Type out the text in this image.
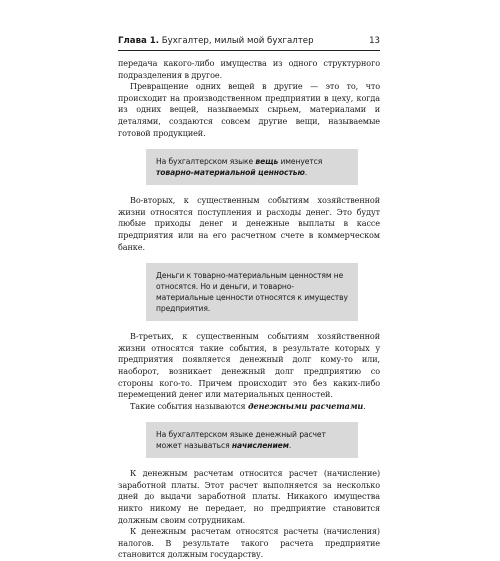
Глава 1. Бухгалтер, милый мой бухгалтер	13

передача какого-либо имущества из одного структурного подразделения в другое.

Превращение одних вещей в другие — это то, что происходит на производственном предприятии в цеху, когда из одних вещей, называемых сырьем, материалами и деталями, создаются совсем другие вещи, называемые готовой продукцией.

На бухгалтерском языке вещь именуется товарно-материальной ценностью.

Во-вторых, к существенным событиям хозяйственной жизни относятся поступления и расходы денег. Это будут любые приходы денег и денежные выплаты в кассе предприятия или на его расчетном счете в коммерческом банке.

Деньги к товарно-материальным ценностям не относятся. Но и деньги, и товарно-материальные ценности относятся к имуществу предприятия.

В-третьих, к существенным событиям хозяйственной жизни относятся такие события, в результате которых у предприятия появляется денежный долг кому-то или, наоборот, возникает денежный долг предприятию со стороны кого-то. Причем происходит это без каких-либо перемещений денег или материальных ценностей.

Такие события называются денежными расчетами.

На бухгалтерском языке денежный расчет может называться начислением.

К денежным расчетам относится расчет (начисление) заработной платы. Этот расчет выполняется за несколько дней до выдачи заработной платы. Никакого имущества никто никому не передает, но предприятие становится должным своим сотрудникам.

К денежным расчетам относятся расчеты (начисления) налогов. В результате такого расчета предприятие становится должным государству.
